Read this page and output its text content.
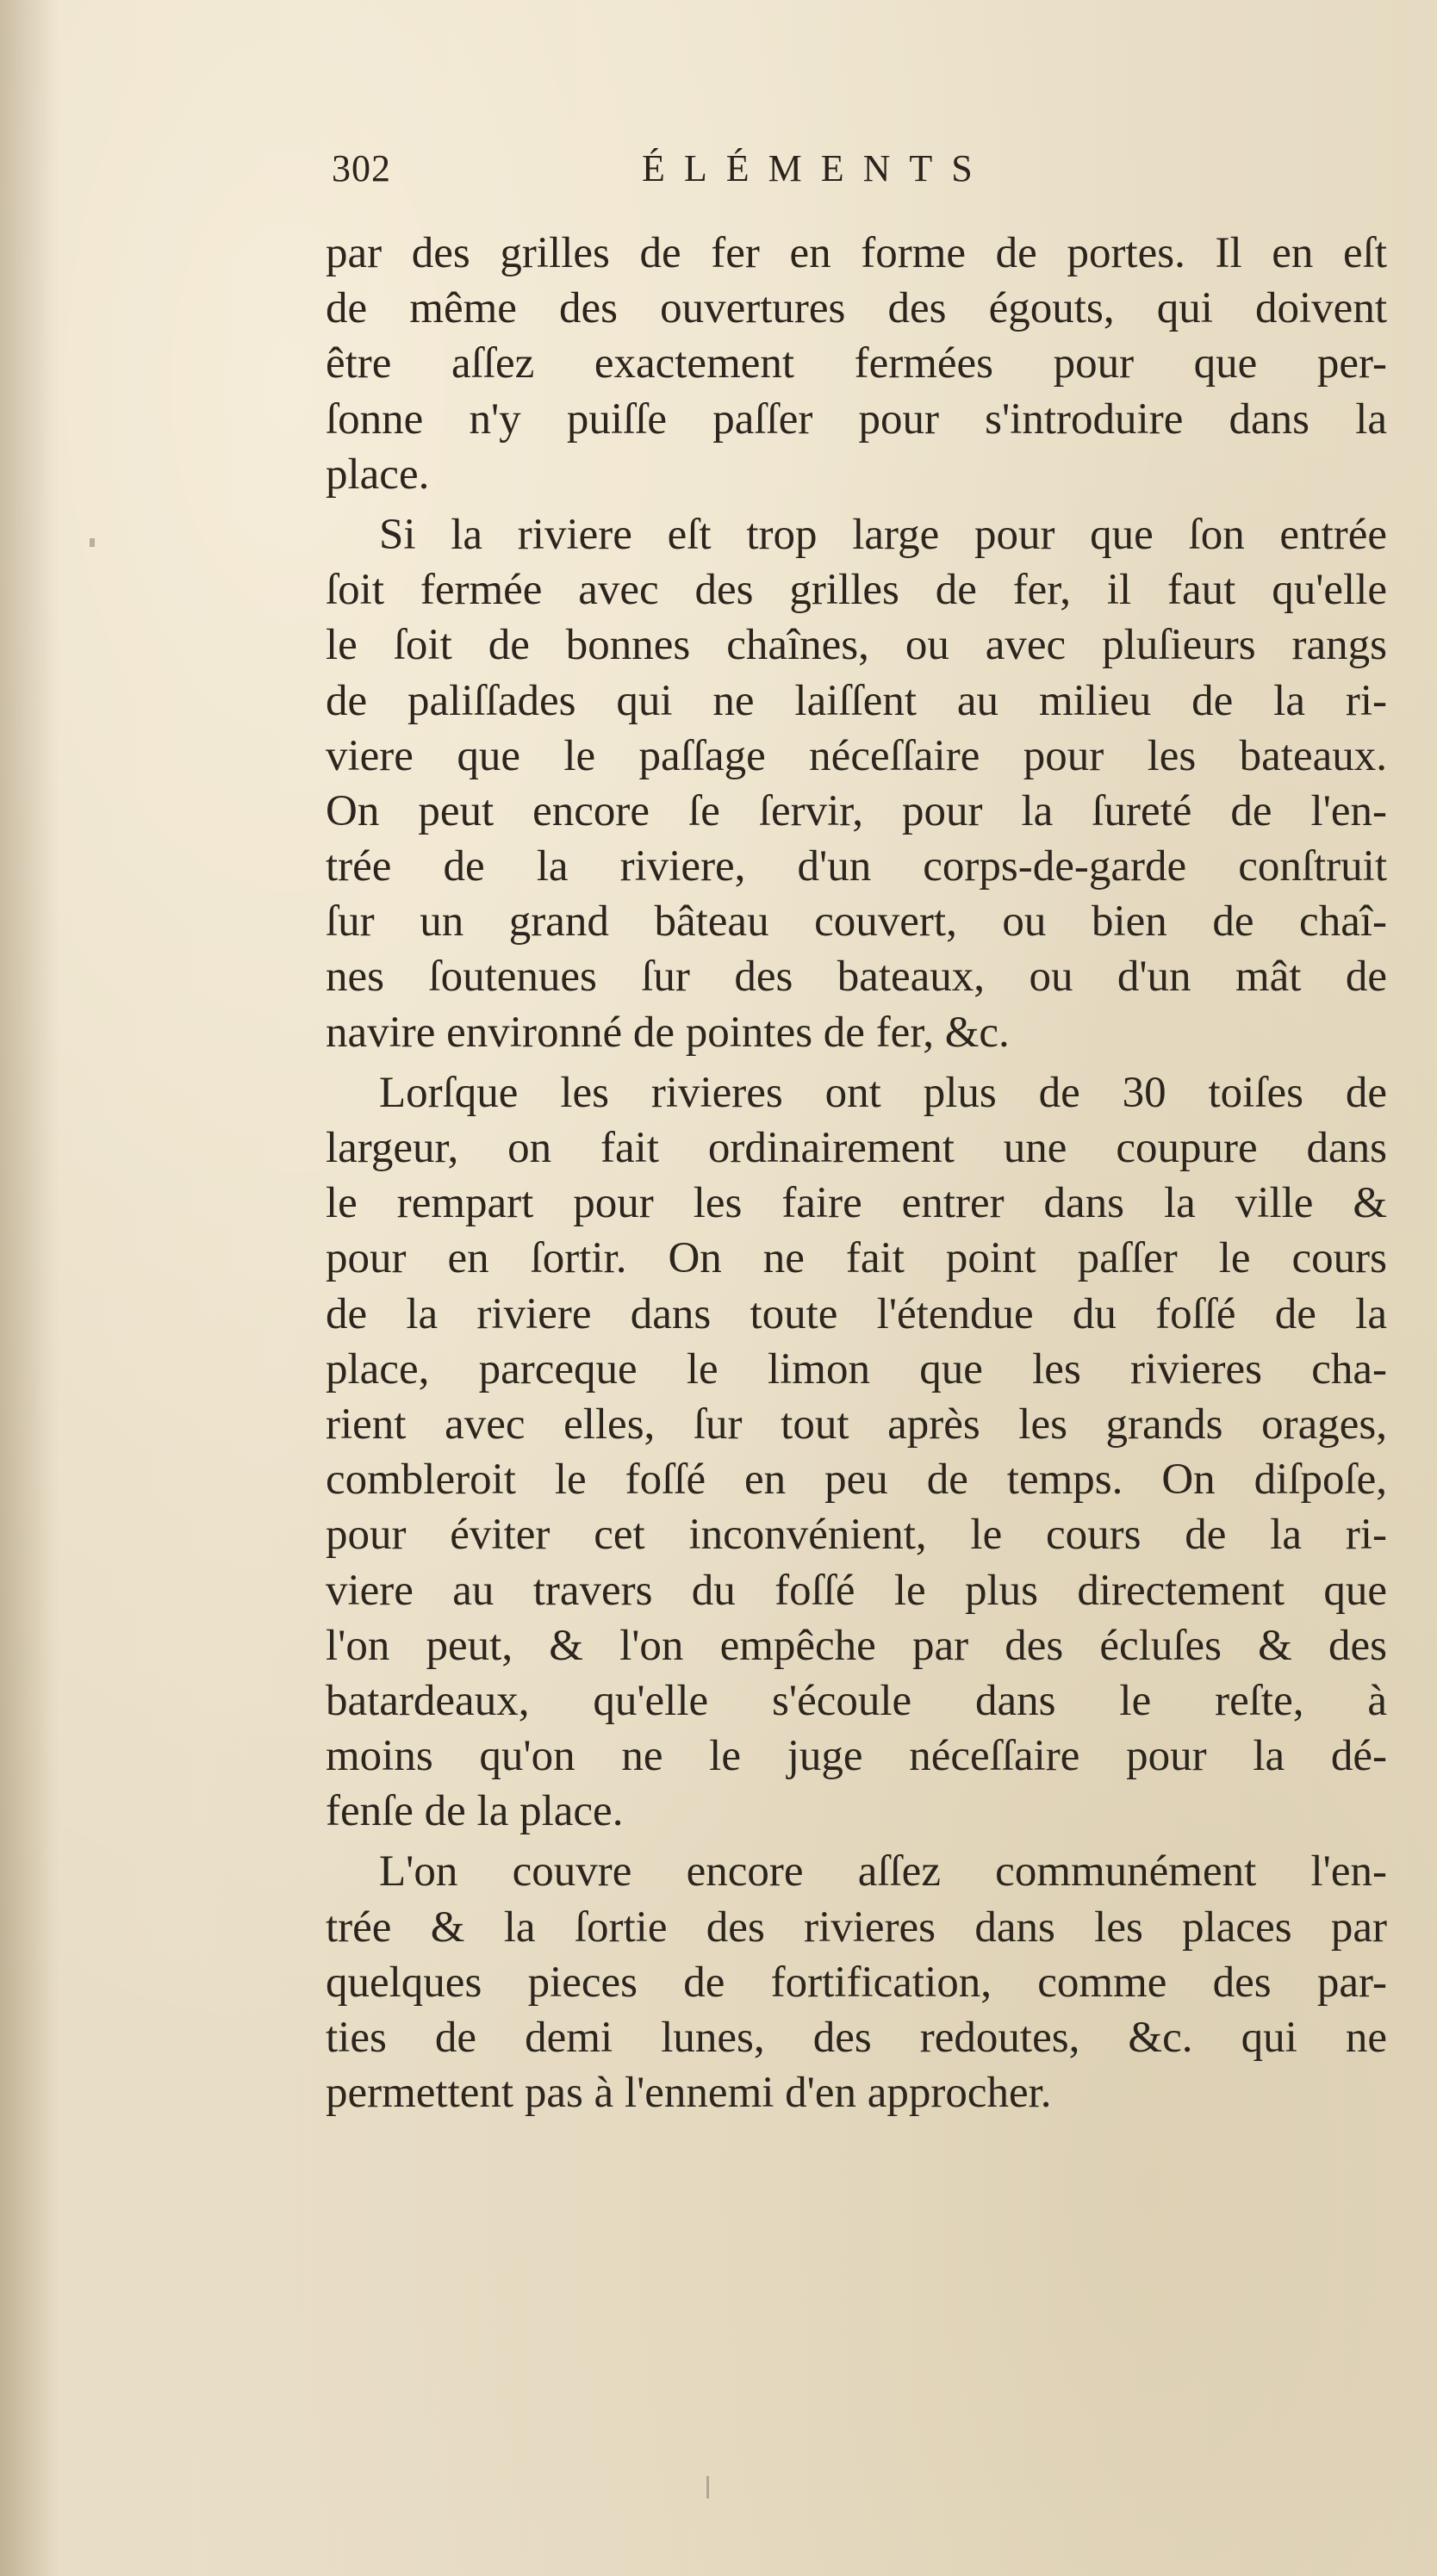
302	ÉLÉMENTS
par des grilles de fer en forme de portes. Il en eſt
de même des ouvertures des égouts, qui doivent
être aſſez exactement fermées pour que per-
ſonne n'y puiſſe paſſer pour s'introduire dans la
place.
Si la riviere eſt trop large pour que ſon entrée
ſoit fermée avec des grilles de fer, il faut qu'elle
le ſoit de bonnes chaînes, ou avec pluſieurs rangs
de paliſſades qui ne laiſſent au milieu de la ri-
viere que le paſſage néceſſaire pour les bateaux.
On peut encore ſe ſervir, pour la ſureté de l'en-
trée de la riviere, d'un corps-de-garde conſtruit
ſur un grand bâteau couvert, ou bien de chaî-
nes ſoutenues ſur des bateaux, ou d'un mât de
navire environné de pointes de fer, &c.
Lorſque les rivieres ont plus de 30 toiſes de
largeur, on fait ordinairement une coupure dans
le rempart pour les faire entrer dans la ville &
pour en ſortir. On ne fait point paſſer le cours
de la riviere dans toute l'étendue du foſſé de la
place, parceque le limon que les rivieres cha-
rient avec elles, ſur tout après les grands orages,
combleroit le foſſé en peu de temps. On diſpoſe,
pour éviter cet inconvénient, le cours de la ri-
viere au travers du foſſé le plus directement que
l'on peut, & l'on empêche par des écluſes & des
batardeaux, qu'elle s'écoule dans le reſte, à
moins qu'on ne le juge néceſſaire pour la dé-
fenſe de la place.
L'on couvre encore aſſez communément l'en-
trée & la ſortie des rivieres dans les places par
quelques pieces de fortification, comme des par-
ties de demi lunes, des redoutes, &c. qui ne
permettent pas à l'ennemi d'en approcher.
